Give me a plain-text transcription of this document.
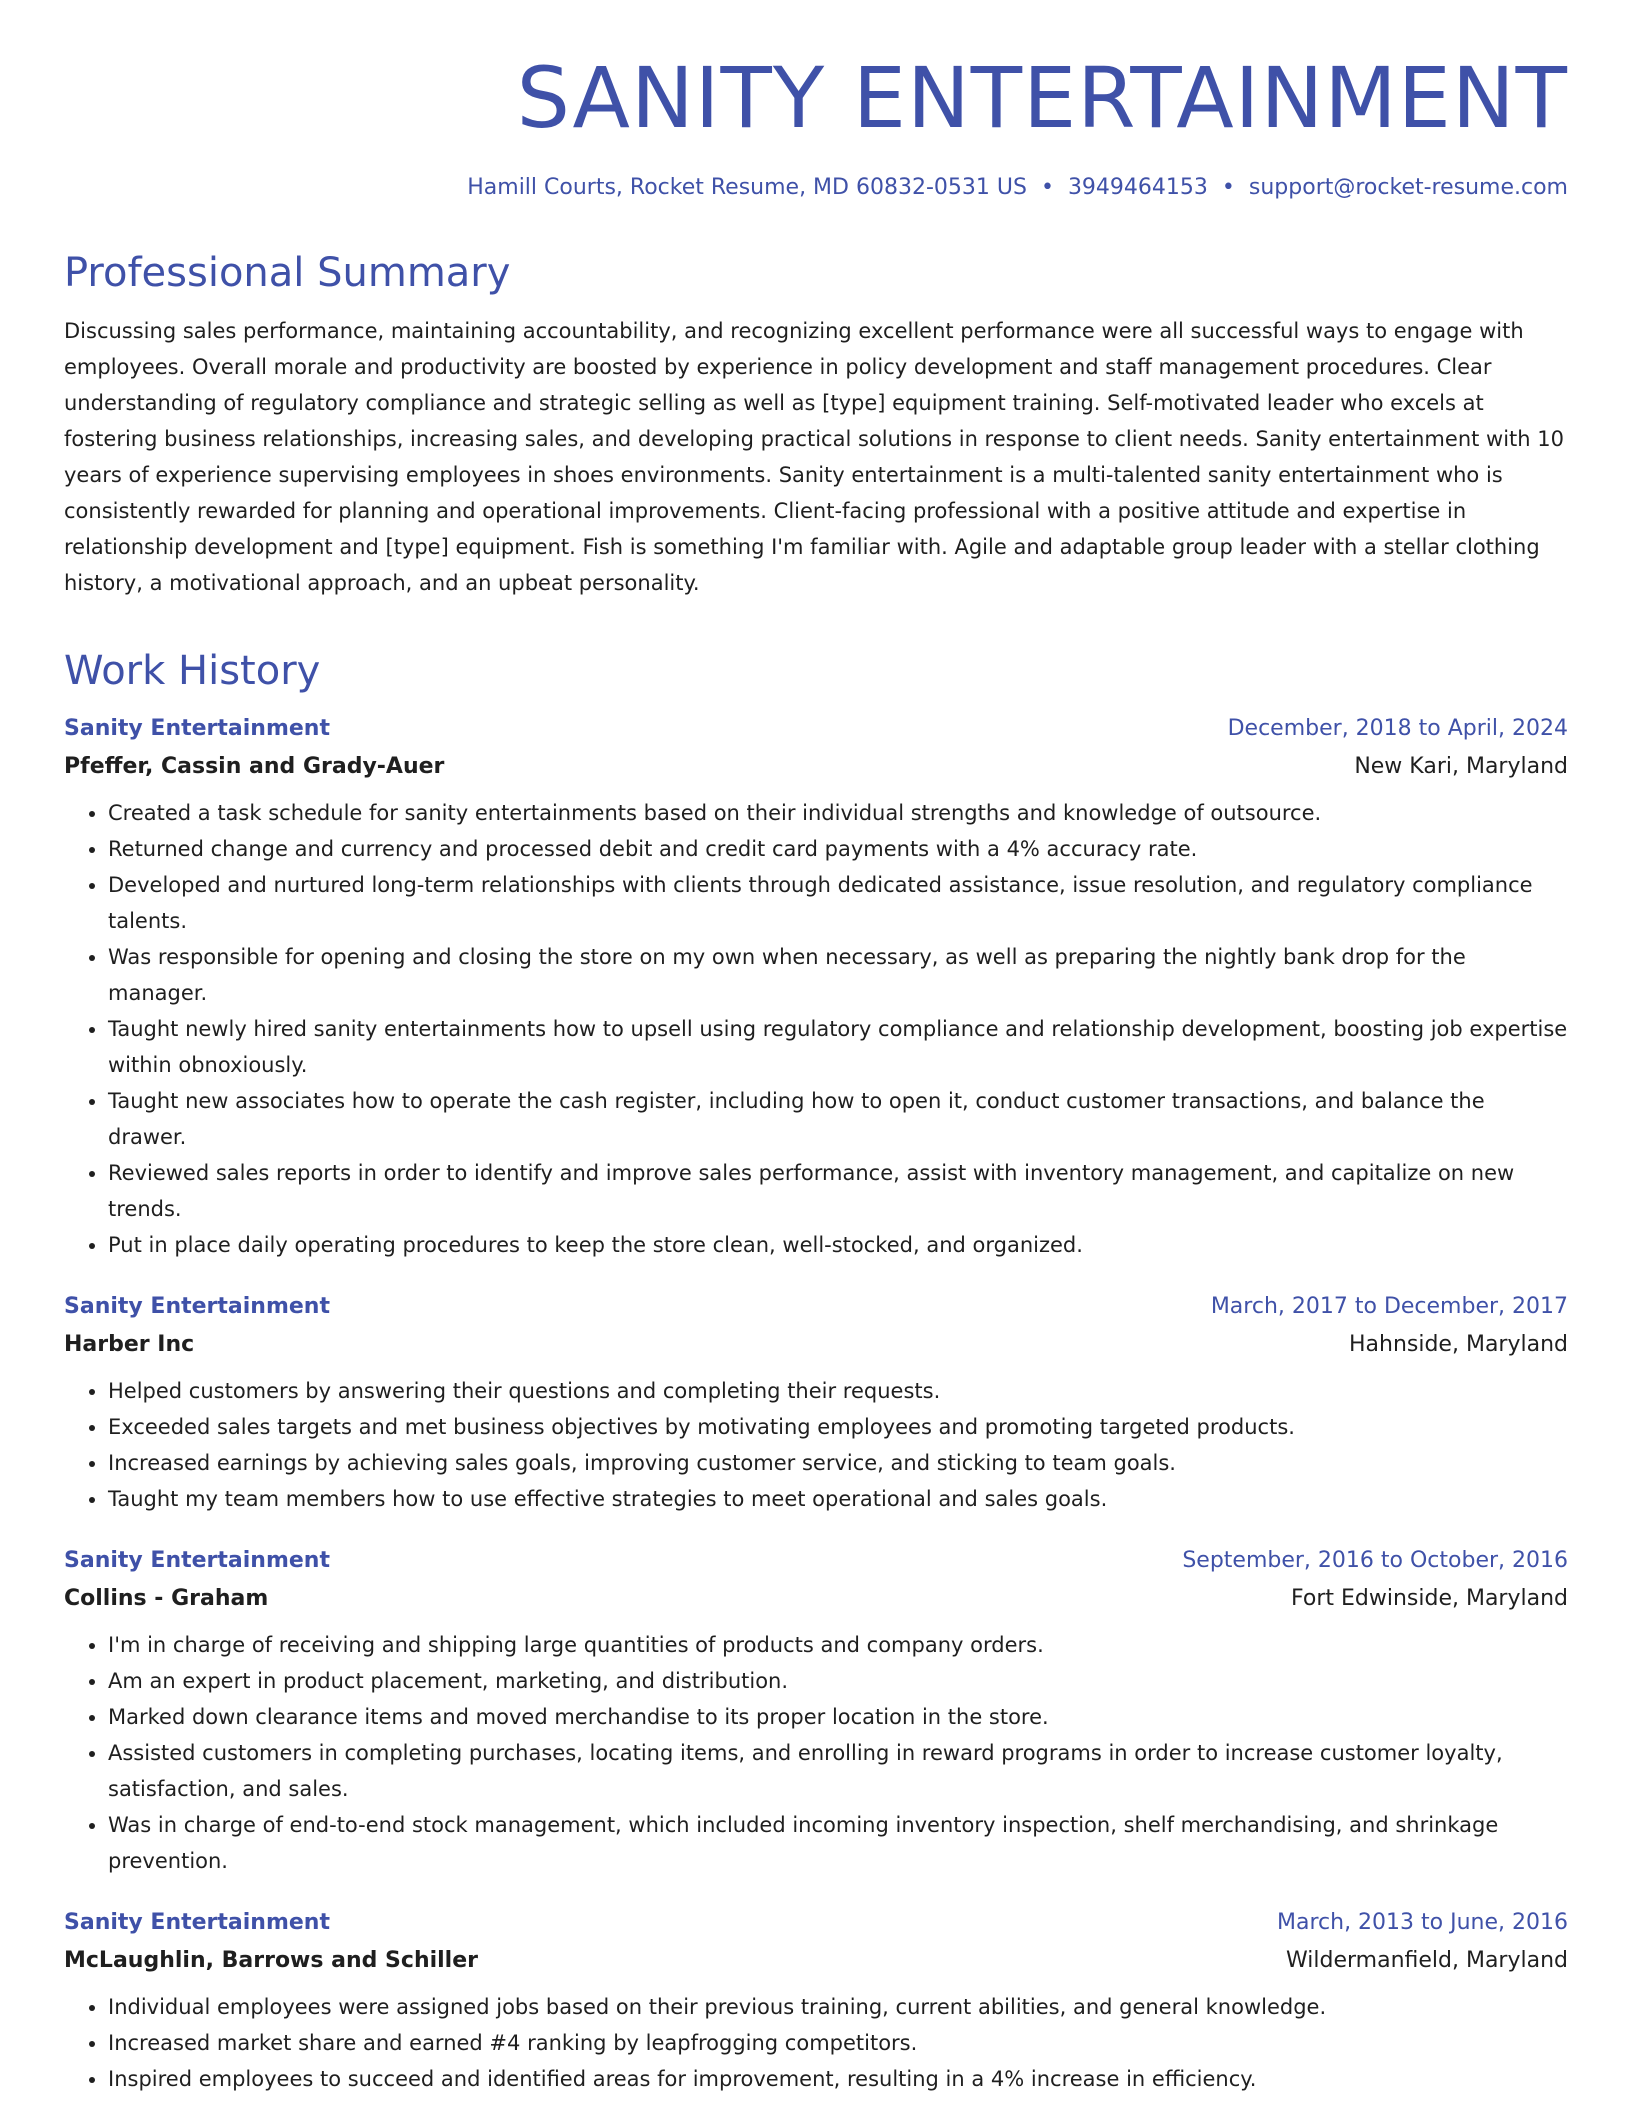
SANITY ENTERTAINMENT
Hamill Courts, Rocket Resume, MD 60832-0531 US • 3949464153 • support@rocket-resume.com
Professional Summary

Discussing sales performance, maintaining accountability, and recognizing excellent performance were all successful ways to engage with employees. Overall morale and productivity are boosted by experience in policy development and staff management procedures. Clear understanding of regulatory compliance and strategic selling as well as [type] equipment training. Self-motivated leader who excels at fostering business relationships, increasing sales, and developing practical solutions in response to client needs. Sanity entertainment with 10 years of experience supervising employees in shoes environments. Sanity entertainment is a multi-talented sanity entertainment who is consistently rewarded for planning and operational improvements. Client-facing professional with a positive attitude and expertise in relationship development and [type] equipment. Fish is something I'm familiar with. Agile and adaptable group leader with a stellar clothing history, a motivational approach, and an upbeat personality.

Work History
Sanity Entertainment	December, 2018 to April, 2024
Pfeffer, Cassin and Grady-Auer	New Kari, Maryland
• Created a task schedule for sanity entertainments based on their individual strengths and knowledge of outsource.
• Returned change and currency and processed debit and credit card payments with a 4% accuracy rate.
• Developed and nurtured long-term relationships with clients through dedicated assistance, issue resolution, and regulatory compliance talents.
• Was responsible for opening and closing the store on my own when necessary, as well as preparing the nightly bank drop for the manager.
• Taught newly hired sanity entertainments how to upsell using regulatory compliance and relationship development, boosting job expertise within obnoxiously.
• Taught new associates how to operate the cash register, including how to open it, conduct customer transactions, and balance the drawer.
• Reviewed sales reports in order to identify and improve sales performance, assist with inventory management, and capitalize on new trends.
• Put in place daily operating procedures to keep the store clean, well-stocked, and organized.
Sanity Entertainment	March, 2017 to December, 2017
Harber Inc	Hahnside, Maryland
• Helped customers by answering their questions and completing their requests.
• Exceeded sales targets and met business objectives by motivating employees and promoting targeted products.
• Increased earnings by achieving sales goals, improving customer service, and sticking to team goals.
• Taught my team members how to use effective strategies to meet operational and sales goals.
Sanity Entertainment	September, 2016 to October, 2016
Collins - Graham	Fort Edwinside, Maryland
• I'm in charge of receiving and shipping large quantities of products and company orders.
• Am an expert in product placement, marketing, and distribution.
• Marked down clearance items and moved merchandise to its proper location in the store.
• Assisted customers in completing purchases, locating items, and enrolling in reward programs in order to increase customer loyalty, satisfaction, and sales.
• Was in charge of end-to-end stock management, which included incoming inventory inspection, shelf merchandising, and shrinkage prevention.
Sanity Entertainment	March, 2013 to June, 2016
McLaughlin, Barrows and Schiller	Wildermanfield, Maryland
• Individual employees were assigned jobs based on their previous training, current abilities, and general knowledge.
• Increased market share and earned #4 ranking by leapfrogging competitors.
• Inspired employees to succeed and identified areas for improvement, resulting in a 4% increase in efficiency.
